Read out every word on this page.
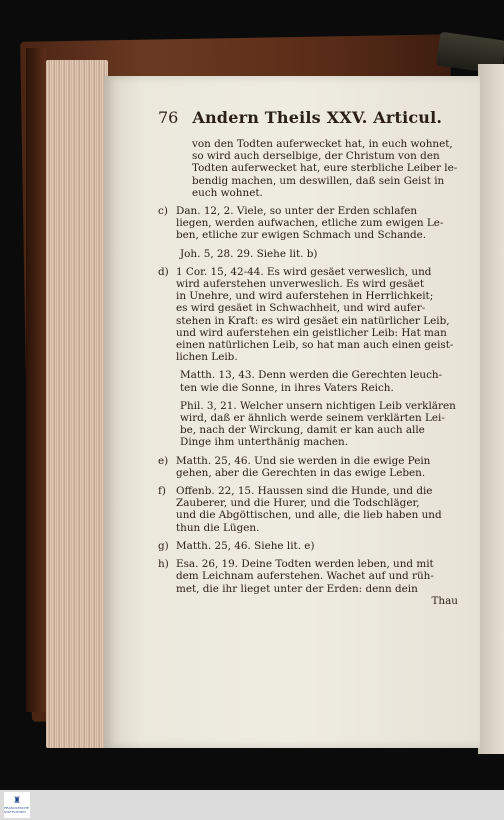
76 Andern Theils XXV. Articul.
von den Todten auferwecket hat, in euch wohnet,
so wird auch derselbige, der Christum von den
Todten auferwecket hat, eure sterbliche Leiber le-
bendig machen, um deswillen, daß sein Geist in
euch wohnet.
c) Dan. 12, 2. Viele, so unter der Erden schlafen
liegen, werden aufwachen, etliche zum ewigen Le-
ben, etliche zur ewigen Schmach und Schande.
Joh. 5, 28. 29. Siehe lit. b)
d) 1 Cor. 15, 42-44. Es wird gesäet verweslich, und
wird auferstehen unverweslich. Es wird gesäet
in Unehre, und wird auferstehen in Herrlichkeit;
es wird gesäet in Schwachheit, und wird aufer-
stehen in Kraft: es wird gesäet ein natürlicher Leib,
und wird auferstehen ein geistlicher Leib: Hat man
einen natürlichen Leib, so hat man auch einen geist-
lichen Leib.
Matth. 13, 43. Denn werden die Gerechten leuch-
ten wie die Sonne, in ihres Vaters Reich.
Phil. 3, 21. Welcher unsern nichtigen Leib verklären
wird, daß er ähnlich werde seinem verklärten Lei-
be, nach der Wirckung, damit er kan auch alle
Dinge ihm unterthänig machen.
e) Matth. 25, 46. Und sie werden in die ewige Pein
gehen, aber die Gerechten in das ewige Leben.
f) Offenb. 22, 15. Haussen sind die Hunde, und die
Zauberer, und die Hurer, und die Todschläger,
und die Abgöttischen, und alle, die lieb haben und
thun die Lügen.
g) Matth. 25, 46. Siehe lit. e)
h) Esa. 26, 19. Deine Todten werden leben, und mit
dem Leichnam auferstehen. Wachet auf und rüh-
met, die ihr lieget unter der Erden: denn dein
Thau
♜
FRANCKESCHE STIFTUNGEN
